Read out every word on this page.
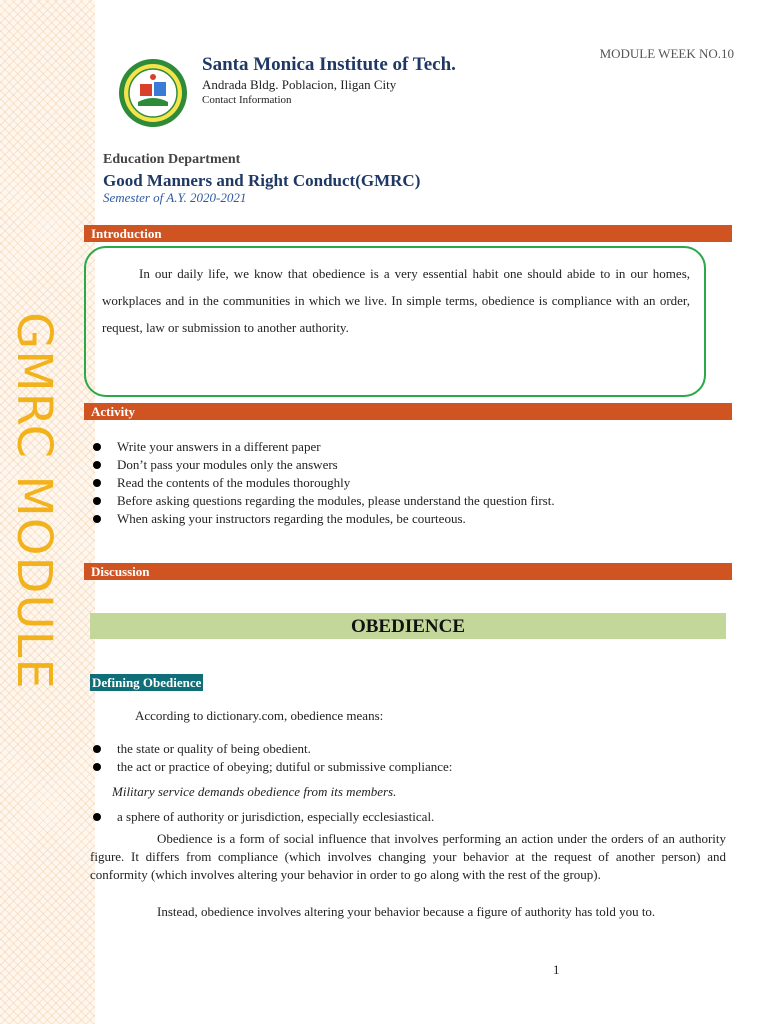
GMRC MODULE
MODULE WEEK NO.10
Santa Monica Institute of Tech.
Andrada Bldg. Poblacion, Iligan City
Contact Information
Education Department
Good Manners and Right Conduct(GMRC)
Semester of A.Y. 2020-2021
Introduction

In our daily life, we know that obedience is a very essential habit one should abide to in our homes, workplaces and in the communities in which we live. In simple terms, obedience is compliance with an order, request, law or submission to another authority.

Activity
Write your answers in a different paper
Don’t pass your modules only the answers
Read the contents of the modules thoroughly
Before asking questions regarding the modules, please understand the question first.
When asking your instructors regarding the modules, be courteous.
Discussion
OBEDIENCE
Defining Obedience

According to dictionary.com, obedience means:

the state or quality of being obedient.
the act or practice of obeying; dutiful or submissive compliance:
Military service demands obedience from its members.
a sphere of authority or jurisdiction, especially ecclesiastical.

Obedience is a form of social influence that involves performing an action under the orders of an authority figure. It differs from compliance (which involves changing your behavior at the request of another person) and conformity (which involves altering your behavior in order to go along with the rest of the group).

Instead, obedience involves altering your behavior because a figure of authority has told you to.

1
